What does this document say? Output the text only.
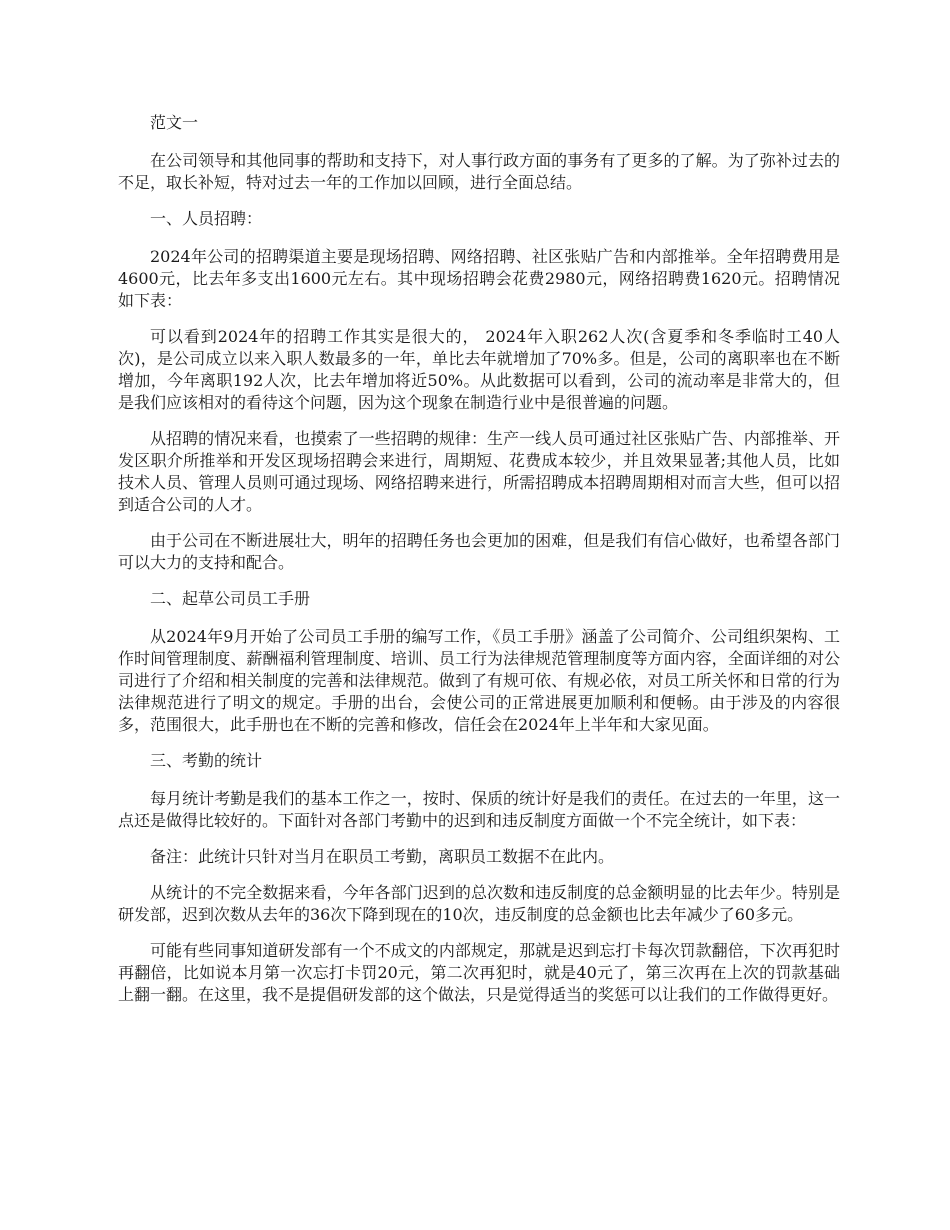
范文一

在公司领导和其他同事的帮助和支持下，对人事行政方面的事务有了更多的了解。为了弥补过去的不足，取长补短，特对过去一年的工作加以回顾，进行全面总结。

一、人员招聘：

2024年公司的招聘渠道主要是现场招聘、网络招聘、社区张贴广告和内部推举。全年招聘费用是4600元，比去年多支出1600元左右。其中现场招聘会花费2980元，网络招聘费1620元。招聘情况如下表：

可以看到2024年的招聘工作其实是很大的， 2024年入职262人次(含夏季和冬季临时工40人次)，是公司成立以来入职人数最多的一年，单比去年就增加了70%多。但是，公司的离职率也在不断增加，今年离职192人次，比去年增加将近50%。从此数据可以看到，公司的流动率是非常大的，但是我们应该相对的看待这个问题，因为这个现象在制造行业中是很普遍的问题。

从招聘的情况来看，也摸索了一些招聘的规律：生产一线人员可通过社区张贴广告、内部推举、开发区职介所推举和开发区现场招聘会来进行，周期短、花费成本较少，并且效果显著;其他人员，比如技术人员、管理人员则可通过现场、网络招聘来进行，所需招聘成本招聘周期相对而言大些，但可以招到适合公司的人才。

由于公司在不断进展壮大，明年的招聘任务也会更加的困难，但是我们有信心做好，也希望各部门可以大力的支持和配合。

二、起草公司员工手册

从2024年9月开始了公司员工手册的编写工作，《员工手册》涵盖了公司简介、公司组织架构、工作时间管理制度、薪酬福利管理制度、培训、员工行为法律规范管理制度等方面内容，全面详细的对公司进行了介绍和相关制度的完善和法律规范。做到了有规可依、有规必依，对员工所关怀和日常的行为法律规范进行了明文的规定。手册的出台，会使公司的正常进展更加顺利和便畅。由于涉及的内容很多，范围很大，此手册也在不断的完善和修改，信任会在2024年上半年和大家见面。

三、考勤的统计

每月统计考勤是我们的基本工作之一，按时、保质的统计好是我们的责任。在过去的一年里，这一点还是做得比较好的。下面针对各部门考勤中的迟到和违反制度方面做一个不完全统计，如下表：

备注：此统计只针对当月在职员工考勤，离职员工数据不在此内。

从统计的不完全数据来看，今年各部门迟到的总次数和违反制度的总金额明显的比去年少。特别是研发部，迟到次数从去年的36次下降到现在的10次，违反制度的总金额也比去年减少了60多元。

可能有些同事知道研发部有一个不成文的内部规定，那就是迟到忘打卡每次罚款翻倍，下次再犯时再翻倍，比如说本月第一次忘打卡罚20元，第二次再犯时，就是40元了，第三次再在上次的罚款基础上翻一翻。在这里，我不是提倡研发部的这个做法，只是觉得适当的奖惩可以让我们的工作做得更好。
